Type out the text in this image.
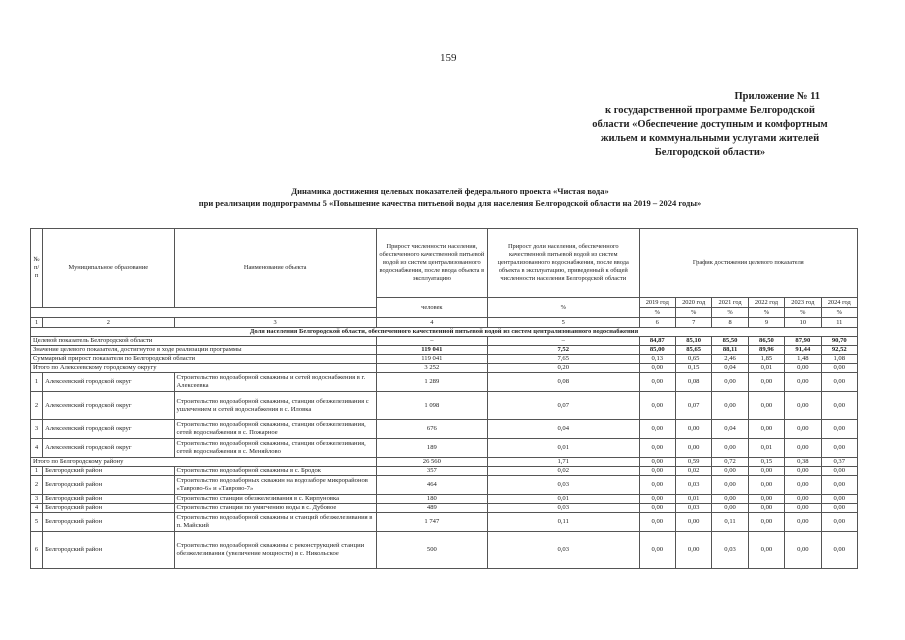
159
Приложение № 11
к государственной программе Белгородской
области «Обеспечение доступным и комфортным
жильем и коммунальными услугами жителей
Белгородской области»
Динамика достижения целевых показателей федерального проекта «Чистая вода»
при реализации подпрограммы 5 «Повышение качества питьевой воды для населения Белгородской области на 2019 – 2024 годы»
№ п/п	Муниципальное образование	Наименование объекта	Прирост численности населения, обеспеченного качественной питьевой водой из систем централизованного водоснабжения, после ввода объекта в эксплуатацию	Прирост доли населения, обеспеченного качественной питьевой водой из систем централизованного водоснабжения, после ввода объекта в эксплуатацию, приведенный к общей численности населения Белгородской области	График достижения целевого показателя					
			человек	%	2019 год	2020 год	2021 год	2022 год	2023 год	2024 год
					%	%	%	%	%	%
1	2	3	4	5	6	7	8	9	10	11
Доля населения Белгородской области, обеспеченного качественной питьевой водой из систем централизованного водоснабжения										
Целевой показатель Белгородской области			–	–	84,87	85,10	85,50	86,50	87,90	90,70
Значение целевого показателя, достигнутое в ходе реализации программы			119 041	7,52	85,00	85,65	88,11	89,96	91,44	92,52
Суммарный прирост показателя по Белгородской области			119 041	7,65	0,13	0,65	2,46	1,85	1,48	1,08
Итого по Алексеевскому городскому округу			3 252	0,20	0,00	0,15	0,04	0,01	0,00	0,00
1	Алексеевский городской округ	Строительство водозаборной скважины и сетей водоснабжения в г. Алексеевка	1 289	0,08	0,00	0,08	0,00	0,00	0,00	0,00
2	Алексеевский городской округ	Строительство водозаборной скважины, станции обезжелезивания с ушлечением и сетей водоснабжения в с. Иловка	1 098	0,07	0,00	0,07	0,00	0,00	0,00	0,00
3	Алексеевский городской округ	Строительство водозаборной скважины, станции обезжелезивания, сетей водоснабжения в с. Пожарное	676	0,04	0,00	0,00	0,04	0,00	0,00	0,00
4	Алексеевский городской округ	Строительство водозаборной скважины, станции обезжелезивания, сетей водоснабжения в с. Меняйлово	189	0,01	0,00	0,00	0,00	0,01	0,00	0,00
Итого по Белгородскому району			26 560	1,71	0,00	0,59	0,72	0,15	0,38	0,37
1	Белгородский район	Строительство водозаборной скважины в с. Бродок	357	0,02	0,00	0,02	0,00	0,00	0,00	0,00
2	Белгородский район	Строительство водозаборных скважин на водозаборе микрорайонов «Таврово-6» и «Таврово-7»	464	0,03	0,00	0,03	0,00	0,00	0,00	0,00
3	Белгородский район	Строительство станции обезжелезивания в с. Кирпуновка	180	0,01	0,00	0,01	0,00	0,00	0,00	0,00
4	Белгородский район	Строительство станции по умягчению воды в с. Дубовое	489	0,03	0,00	0,03	0,00	0,00	0,00	0,00
5	Белгородский район	Строительство водозаборной скважины и станций обезжелезивания в п. Майский	1 747	0,11	0,00	0,00	0,11	0,00	0,00	0,00
6	Белгородский район	Строительство водозаборной скважины с реконструкцией станции обезжелезивания (увеличение мощности) в с. Никольское	500	0,03	0,00	0,00	0,03	0,00	0,00	0,00
